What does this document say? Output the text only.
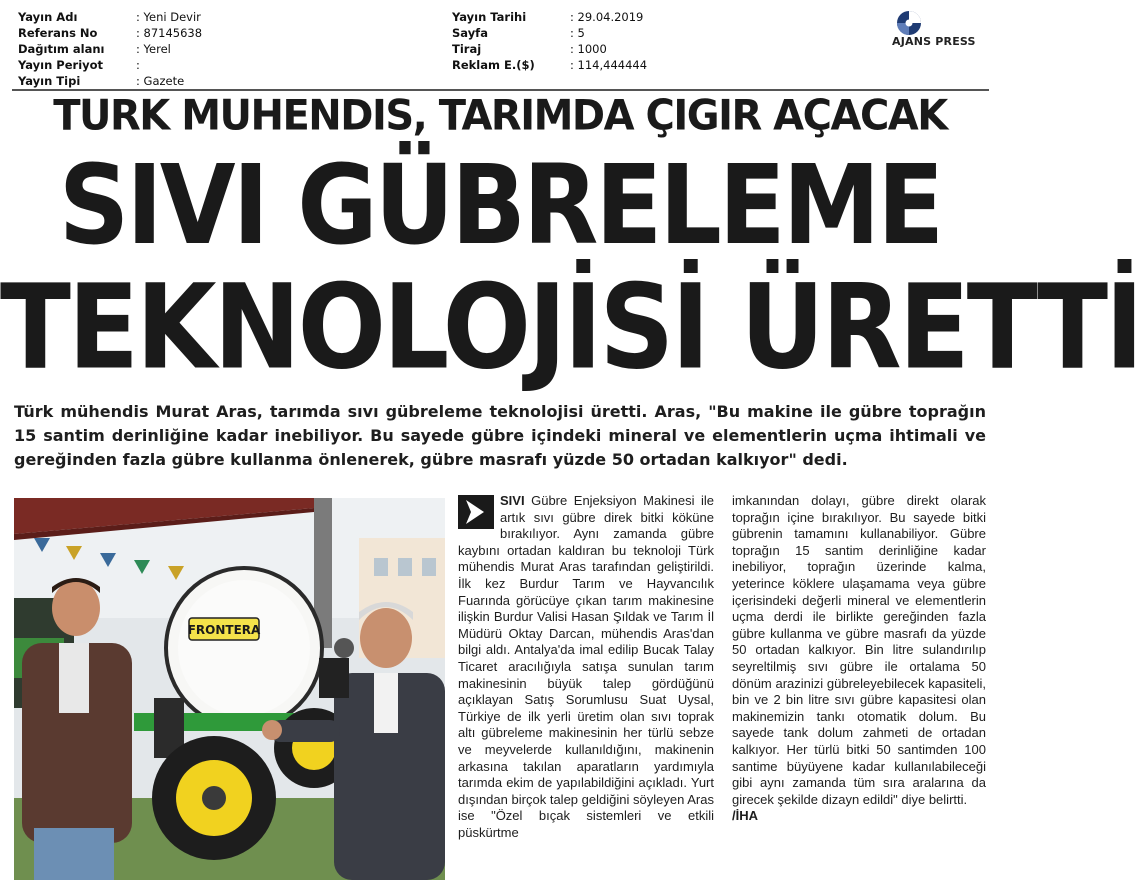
Yayın Adı	: Yeni Devir
Referans No	: 87145638
Dağıtım alanı	: Yerel
Yayın Periyot	:
Yayın Tipi	: Gazete
Yayın Tarihi	: 29.04.2019
Sayfa	: 5
Tiraj	: 1000
Reklam E.($)	: 114,444444
AJANS PRESS
TURK MUHENDIS, TARIMDA ÇIGIR AÇACAK
SIVI GÜBRELEME
TEKNOLOJİSİ ÜRETTİ
Türk mühendis Murat Aras, tarımda sıvı gübreleme teknolojisi üretti. Aras, "Bu makine ile gübre toprağın 15 santim derinliğine kadar inebiliyor. Bu sayede gübre içindeki mineral ve elementlerin uçma ihtimali ve gereğinden fazla gübre kullanma önlenerek, gübre masrafı yüzde 50 ortadan kalkıyor" dedi.
FRONTERA
SIVI Gübre Enjeksiyon Makinesi ile artık sıvı gübre direk bitki köküne bırakılıyor. Aynı zamanda gübre kaybını ortadan kaldıran bu teknoloji Türk mühendis Murat Aras tarafından geliştirildi. İlk kez Burdur Tarım ve Hayvancılık Fuarında görücüye çıkan tarım makinesine ilişkin Burdur Valisi Hasan Şıldak ve Tarım İl Müdürü Oktay Darcan, mühendis Aras'dan bilgi aldı. Antalya'da imal edilip Bucak Talay Ticaret aracılığıyla satışa sunulan tarım makinesinin büyük talep gördüğünü açıklayan Satış Sorumlusu Suat Uysal, Türkiye de ilk yerli üretim olan sıvı toprak altı gübreleme makinesinin her türlü sebze ve meyvelerde kullanıldığını, makinenin arkasına takılan aparatların yardımıyla tarımda ekim de yapılabildiğini açıkladı. Yurt dışından birçok talep geldiğini söyleyen Aras ise "Özel bıçak sistemleri ve etkili püskürtme
imkanından dolayı, gübre direkt olarak toprağın içine bırakılıyor. Bu sayede bitki gübrenin tamamını kullanabiliyor. Gübre toprağın 15 santim derinliğine kadar inebiliyor, toprağın üzerinde kalma, yeterince köklere ulaşamama veya gübre içerisindeki değerli mineral ve elementlerin uçma derdi ile birlikte gereğinden fazla gübre kullanma ve gübre masrafı da yüzde 50 ortadan kalkıyor. Bin litre sulandırılıp seyreltilmiş sıvı gübre ile ortalama 50 dönüm arazinizi gübreleyebilecek kapasiteli, bin ve 2 bin litre sıvı gübre kapasitesi olan makinemizin tankı otomatik dolum. Bu sayede tank dolum zahmeti de ortadan kalkıyor. Her türlü bitki 50 santimden 100 santime büyüyene kadar kullanılabileceği gibi aynı zamanda tüm sıra aralarına da girecek şekilde dizayn edildi" diye belirtti.
/İHA
